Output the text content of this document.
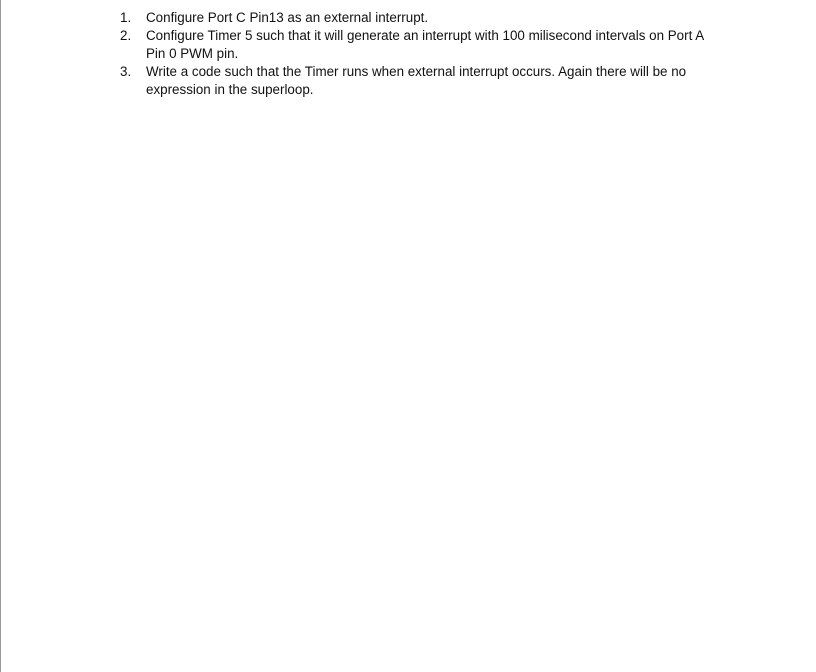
1.	Configure Port C Pin13 as an external interrupt.
2.	Configure Timer 5 such that it will generate an interrupt with 100 milisecond intervals on Port A Pin 0 PWM pin.
3.	Write a code such that the Timer runs when external interrupt occurs. Again there will be no expression in the superloop.
